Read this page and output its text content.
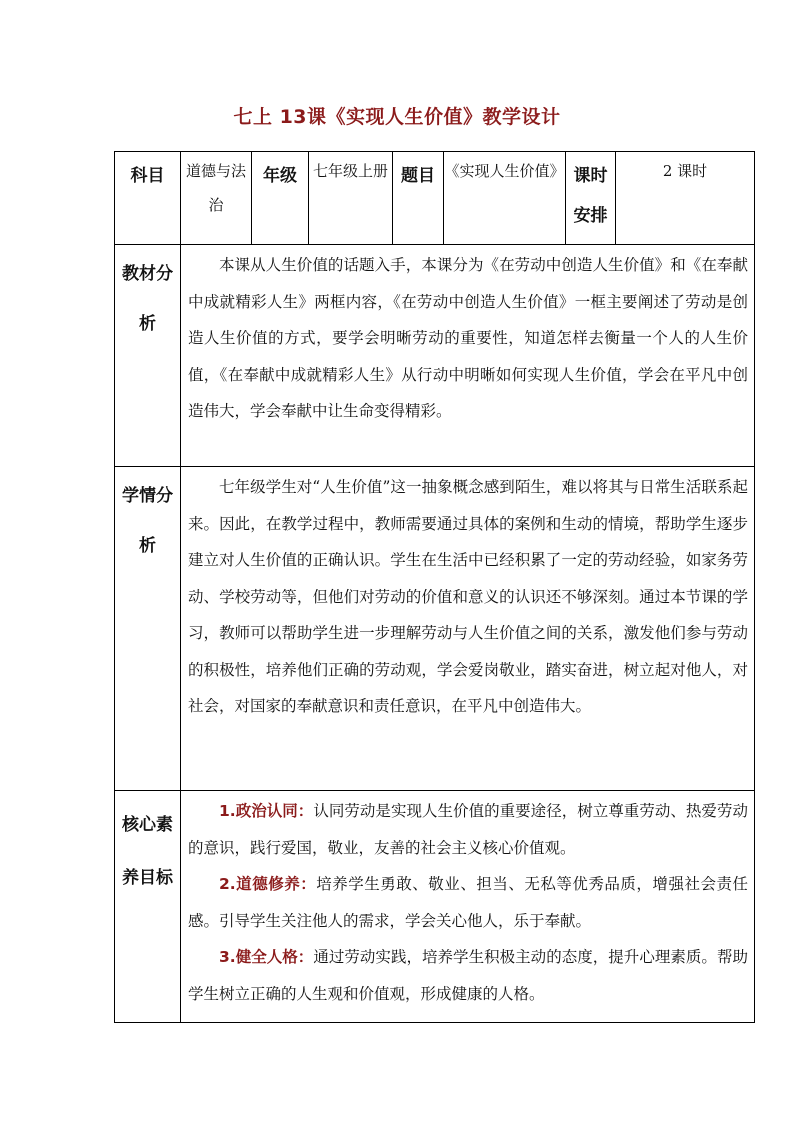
七上 13课《实现人生价值》教学设计
科目	道德与法治	年级	七年级上册	题目	《实现人生价值》	课时安排	2 课时
教材分析	本课从人生价值的话题入手，本课分为《在劳动中创造人生价值》和《在奉献中成就精彩人生》两框内容，《在劳动中创造人生价值》一框主要阐述了劳动是创造人生价值的方式，要学会明晰劳动的重要性，知道怎样去衡量一个人的人生价值，《在奉献中成就精彩人生》从行动中明晰如何实现人生价值，学会在平凡中创造伟大，学会奉献中让生命变得精彩。						

学情分析	七年级学生对“人生价值”这一抽象概念感到陌生，难以将其与日常生活联系起来。因此，在教学过程中，教师需要通过具体的案例和生动的情境，帮助学生逐步建立对人生价值的正确认识。学生在生活中已经积累了一定的劳动经验，如家务劳动、学校劳动等，但他们对劳动的价值和意义的认识还不够深刻。通过本节课的学习，教师可以帮助学生进一步理解劳动与人生价值之间的关系，激发他们参与劳动的积极性，培养他们正确的劳动观，学会爱岗敬业，踏实奋进，树立起对他人，对社会，对国家的奉献意识和责任意识，在平凡中创造伟大。						

核心素养目标	1.政治认同：认同劳动是实现人生价值的重要途径，树立尊重劳动、热爱劳动的意识，践行爱国，敬业，友善的社会主义核心价值观。

2.道德修养：培养学生勇敢、敬业、担当、无私等优秀品质，增强社会责任感。引导学生关注他人的需求，学会关心他人，乐于奉献。

3.健全人格：通过劳动实践，培养学生积极主动的态度，提升心理素质。帮助学生树立正确的人生观和价值观，形成健康的人格。						
